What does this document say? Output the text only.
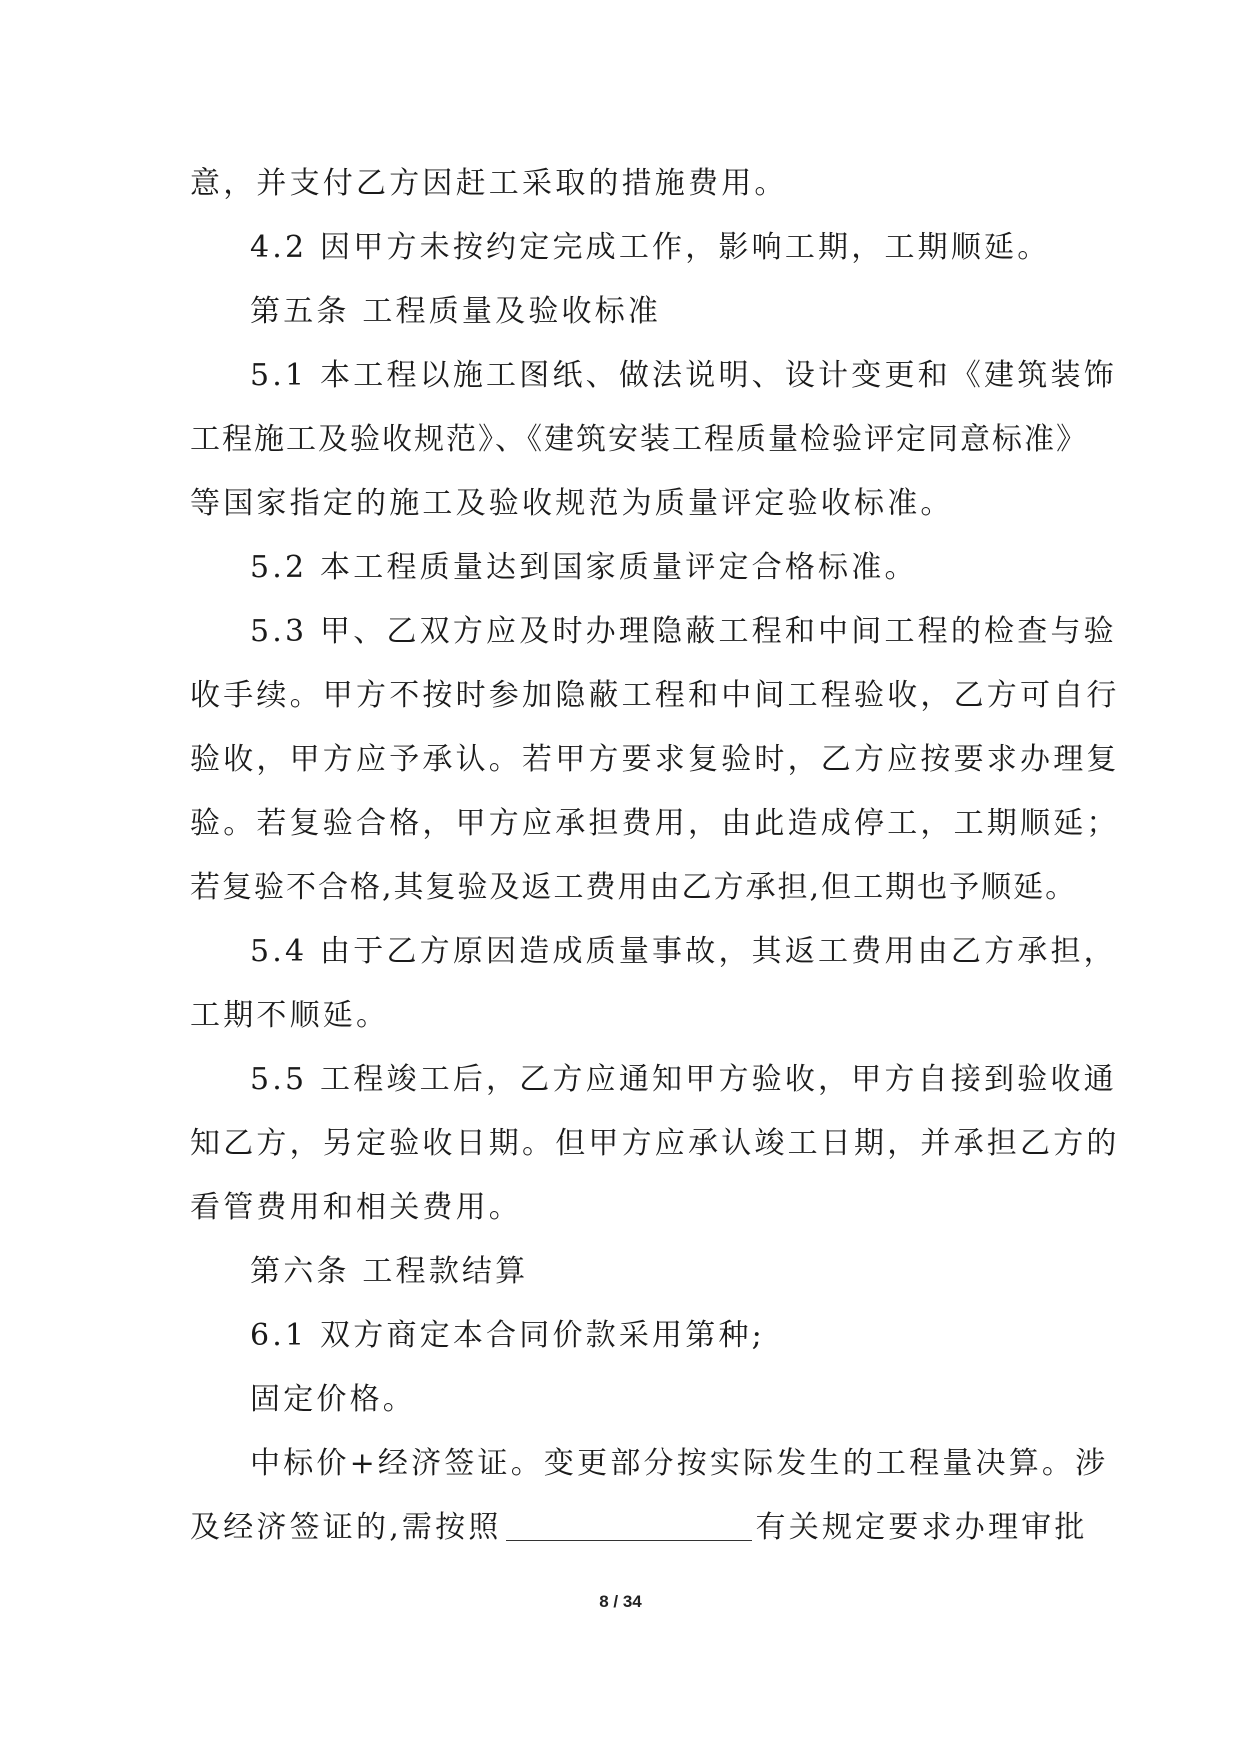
意，并支付乙方因赶工采取的措施费用。
4.2 因甲方未按约定完成工作，影响工期，工期顺延。
第五条 工程质量及验收标准
5.1 本工程以施工图纸、做法说明、设计变更和《建筑装饰
工程施工及验收规范》、《建筑安装工程质量检验评定同意标准》
等国家指定的施工及验收规范为质量评定验收标准。
5.2 本工程质量达到国家质量评定合格标准。
5.3 甲、乙双方应及时办理隐蔽工程和中间工程的检查与验
收手续。甲方不按时参加隐蔽工程和中间工程验收，乙方可自行
验收，甲方应予承认。若甲方要求复验时，乙方应按要求办理复
验。若复验合格，甲方应承担费用，由此造成停工，工期顺延；
若复验不合格,其复验及返工费用由乙方承担,但工期也予顺延。
5.4 由于乙方原因造成质量事故，其返工费用由乙方承担，
工期不顺延。
5.5 工程竣工后，乙方应通知甲方验收，甲方自接到验收通
知乙方，另定验收日期。但甲方应承认竣工日期，并承担乙方的
看管费用和相关费用。
第六条 工程款结算
6.1 双方商定本合同价款采用第种;
固定价格。
中标价+经济签证。变更部分按实际发生的工程量决算。涉
及经济签证的,需按照	有关规定要求办理审批
8 / 34
